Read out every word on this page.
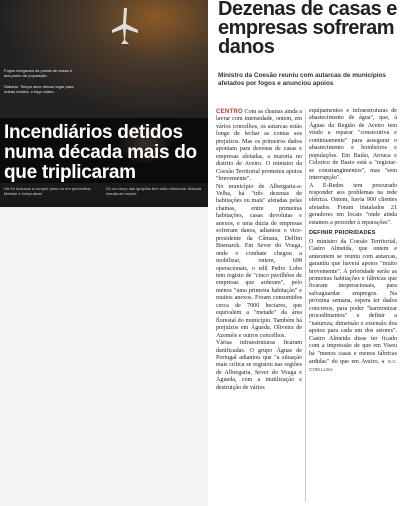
Fogos chegaram às portas de casas e aos ponto de população
Sábado. Tempo seco deixou lugar para outras mortes, o fogo voltou.
Incendiários detidos numa década mais do que triplicaram
Há 94 reclusos a cumprir pena ou em preventiva. Metade é inimputável
Só um terço das ignições tem mão criminosa. Maioria resulta de incúria
Dezenas de casas e empresas sofreram danos
Ministro da Coesão reuniu com autarcas de municípios afetados por fogos e anunciou apoios

CENTRO Com as chamas ainda a lavrar com intensidade, ontem, em vários concelhos, os autarcas estão longe de fechar as contas aos prejuízos. Mas os primeiros dados apontam para dezenas de casas e empresas afetadas, a maioria no distrito de Aveiro. O ministro da Coesão Territorial prometeu apoios "brevemente".

No município de Albergaria-a-Velha, há "três dezenas de habitações ou mais" afetadas pelas chamas, entre primeiras habitações, casas devolutas e anexos, e uma dúzia de empresas sofreram danos, adiantou o vice-presidente da Câmara, Delfim Bismarck. Em Sever do Vouga, onde o combate chegou a mobilizar, ontem, 698 operacionais, o edil Pedro Lobo tem registo de "cinco pavilhões de empresas que arderam", pelo menos "uma primeira habitação" e muitos anexos. Foram consumidos cerca de 7000 hectares, que equivalem a "metade" da área florestal do município. Também há prejuízos em Águeda, Oliveira de Azeméis e outros concelhos.

Várias infraestruturas ficaram danificadas. O grupo Águas de Portugal adiantou que "a situação mais crítica se registou nas regiões de Albergaria, Sever do Vouga e Águeda, com a inutilização e destruição de vários

equipamentos e infraestruturas de abastecimento de água", que, à Águas da Região de Aveiro tem vindo a reparar "consecutiva e continuamente" para assegurar o abastecimento e bombeiros e populações. Em Baião, Arouca e Celorico de Basto está a "registar-se constrangimentos", mas "sem interrupção".

A E-Redes tem procurado responder aos problemas na rede elétrica. Ontem, havia 900 clientes afetados. Foram instalados 21 geradores em locais "onde ainda estamos a proceder à reparações".

DEFINIR PRIORIDADES

O ministro da Coesão Territorial, Castro Almeida, que ontem e anteontem se reuniu com autarcas, garantiu que haverá apoios "muito brevemente". A prioridade serão as primeiras habitações e fábricas que ficaram inoperacionais, para salvaguardar empregos. Na próxima semana, espera ter dados concretos, para poder "harmonizar procedimentos" e definir a "natureza, dimensão e extensão dos apoios para cada um dos setores". Castro Almeida disse ter ficado com a impressão de que em Viseu há "menos casas e menos fábricas ardidas" do que em Aveiro. ● E.C. COM LUSA
